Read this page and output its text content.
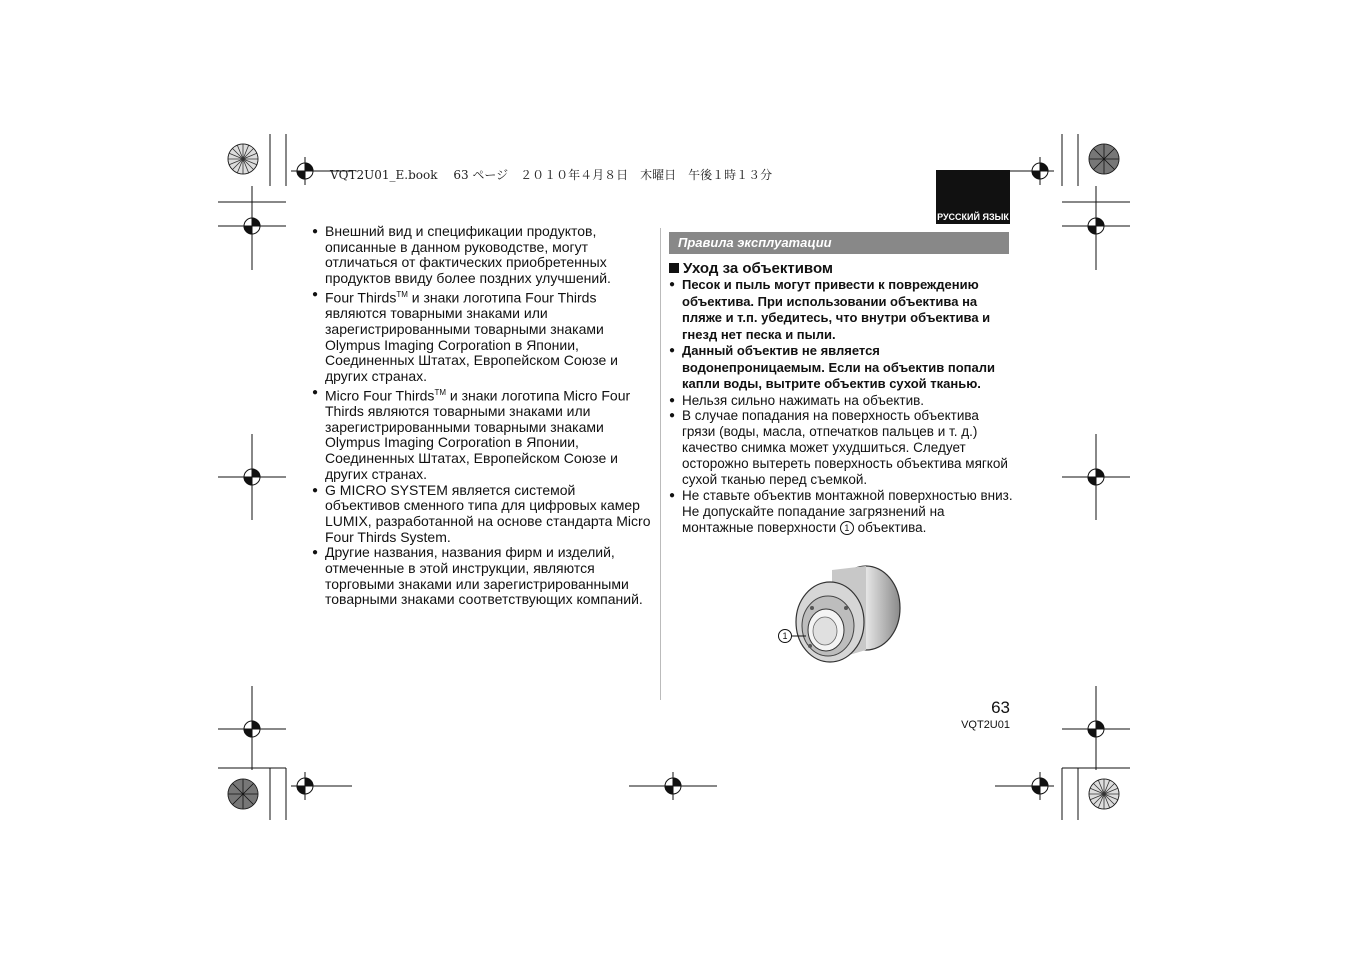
VQT2U01_E.book　 63 ページ　２０１０年４月８日　木曜日　午後１時１３分
РУССКИЙ ЯЗЫК

● Внешний вид и спецификации продуктов, описанные в данном руководстве, могут отличаться от фактических приобретенных продуктов ввиду более поздних улучшений.

● Four Thirds™ и знаки логотипа Four Thirds являются товарными знаками или зарегистрированными товарными знаками Olympus Imaging Corporation в Японии, Соединенных Штатах, Европейском Союзе и других странах.

● Micro Four Thirds™ и знаки логотипа Micro Four Thirds являются товарными знаками или зарегистрированными товарными знаками Olympus Imaging Corporation в Японии, Соединенных Штатах, Европейском Союзе и других странах.

● G MICRO SYSTEM является системой объективов сменного типа для цифровых камер LUMIX, разработанной на основе стандарта Micro Four Thirds System.

● Другие названия, названия фирм и изделий, отмеченные в этой инструкции, являются торговыми знаками или зарегистрированными товарными знаками соответствующих компаний.

Правила эксплуатации
Уход за объективом

● Песок и пыль могут привести к повреждению объектива. При использовании объектива на пляже и т.п. убедитесь, что внутри объектива и гнезд нет песка и пыли.

● Данный объектив не является водонепроницаемым. Если на объектив попали капли воды, вытрите объектив сухой тканью.

● Нельзя сильно нажимать на объектив.

● В случае попадания на поверхность объектива грязи (воды, масла, отпечатков пальцев и т. д.) качество снимка может ухудшиться. Следует осторожно вытереть поверхность объектива мягкой сухой тканью перед съемкой.

● Не ставьте объектив монтажной поверхностью вниз. Не допускайте попадание загрязнений на монтажные поверхности 1 объектива.

1
63
VQT2U01
